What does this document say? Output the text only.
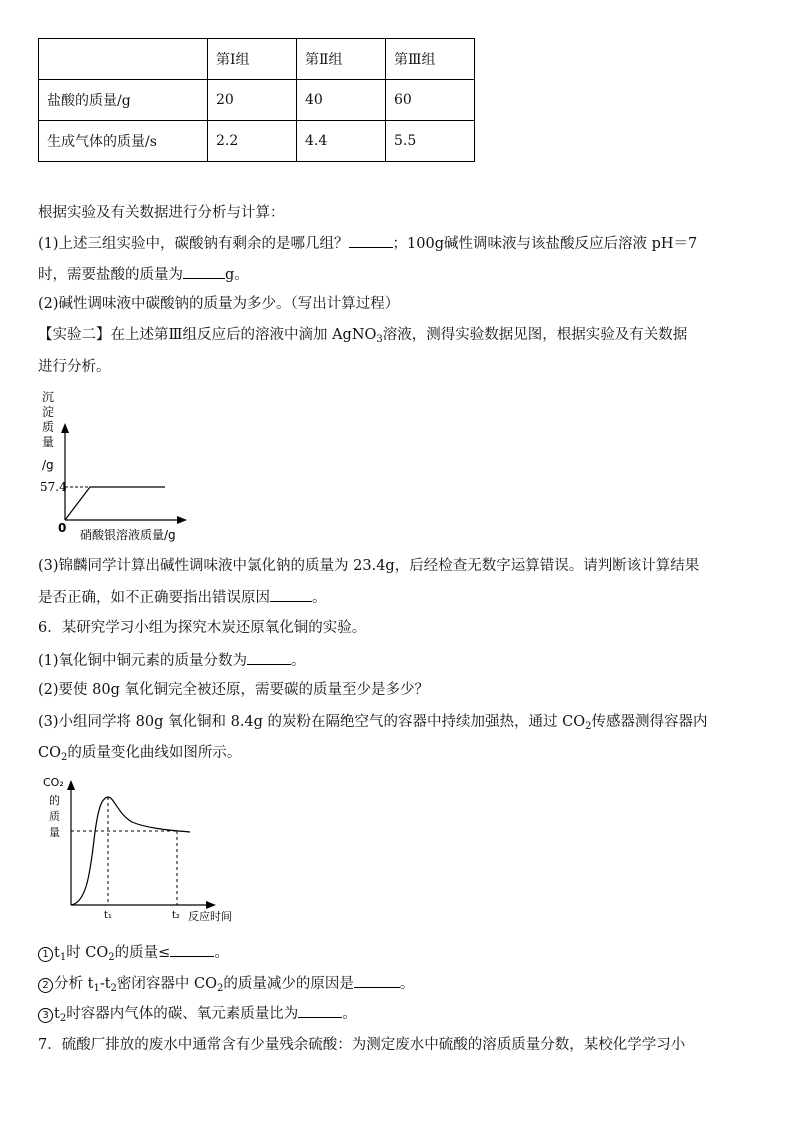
	第Ⅰ组	第Ⅱ组	第Ⅲ组
盐酸的质量/g	20	40	60
生成气体的质量/s	2.2	4.4	5.5
根据实验及有关数据进行分析与计算：
(1)上述三组实验中，碳酸钠有剩余的是哪几组？	；100g碱性调味液与该盐酸反应后溶液 pH＝7
时，需要盐酸的质量为	g。
(2)碱性调味液中碳酸钠的质量为多少。（写出计算过程）
【实验二】在上述第Ⅲ组反应后的溶液中滴加 AgNO$_3$溶液，测得实验数据见图，根据实验及有关数据
进行分析。
沉
淀
质
量
/g
57.4
0 硝酸银溶液质量/g
(3)锦麟同学计算出碱性调味液中氯化钠的质量为 23.4g，后经检查无数字运算错误。请判断该计算结果
是否正确，如不正确要指出错误原因	。
6．某研究学习小组为探究木炭还原氧化铜的实验。
(1)氧化铜中铜元素的质量分数为	。
(2)要使 80g 氧化铜完全被还原，需要碳的质量至少是多少？
(3)小组同学将 80g 氧化铜和 8.4g 的炭粉在隔绝空气的容器中持续加强热，通过 $CO_2$传感器测得容器内
$CO_2$的质量变化曲线如图所示。
CO₂
的
质
量
t₁	t₂ 反应时间
1 $t_1$时 $CO_2$的质量≤	。
2 分析 $t_1-t_2$密闭容器中 $CO_2$的质量减少的原因是	。
3 $t_2$时容器内气体的碳、氧元素质量比为	。
7．硫酸厂排放的废水中通常含有少量残余硫酸：为测定废水中硫酸的溶质质量分数，某校化学学习小
